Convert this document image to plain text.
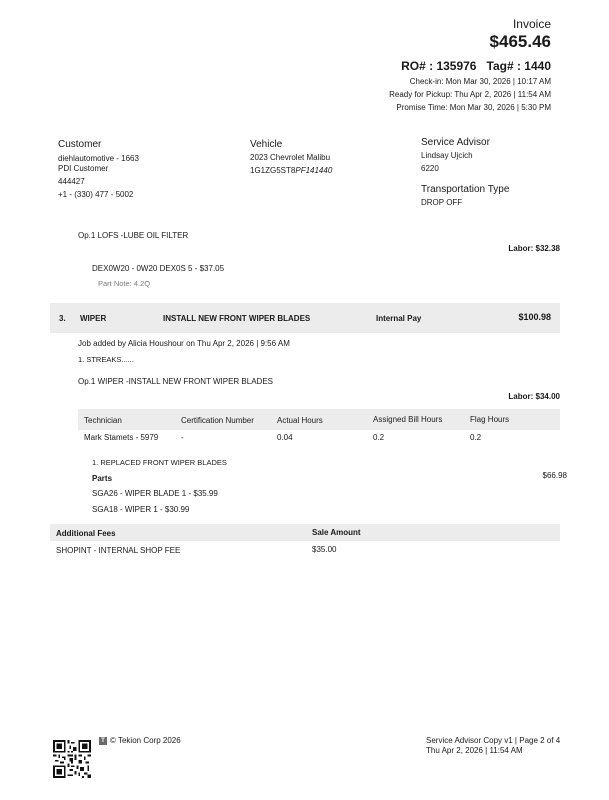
Invoice
$465.46
RO# : 135976 Tag# : 1440
Check-in: Mon Mar 30, 2026 | 10:17 AM
Ready for Pickup: Thu Apr 2, 2026 | 11:54 AM
Promise Time: Mon Mar 30, 2026 | 5:30 PM
Customer
diehlautomotive - 1663
PDI Customer
444427
+1 - (330) 477 - 5002
Vehicle
2023 Chevrolet Malibu
1G1ZG5ST8PF141440
Service Advisor
Lindsay Ujcich
6220
Transportation Type
DROP OFF
Op.1 LOFS -LUBE OIL FILTER
Labor: $32.38
DEX0W20 - 0W20 DEX0S 5 - $37.05
Part Note: 4.2Q
3. WIPER	INSTALL NEW FRONT WIPER BLADES	Internal Pay	$100.98
Job added by Alicia Houshour on Thu Apr 2, 2026 | 9:56 AM
1. STREAKS......
Op.1 WIPER -INSTALL NEW FRONT WIPER BLADES
Labor: $34.00
Technician	Certification Number	Actual Hours	Assigned Bill Hours	Flag Hours
Mark Stamets - 5979	-	0.04	0.2	0.2
1. REPLACED FRONT WIPER BLADES
$66.98
Parts
SGA26 - WIPER BLADE 1 - $35.99
SGA18 - WIPER 1 - $30.99
Additional Fees	Sale Amount
SHOPINT - INTERNAL SHOP FEE	$35.00
T © Tekion Corp 2026	Service Advisor Copy v1 | Page 2 of 4
Thu Apr 2, 2026 | 11:54 AM
